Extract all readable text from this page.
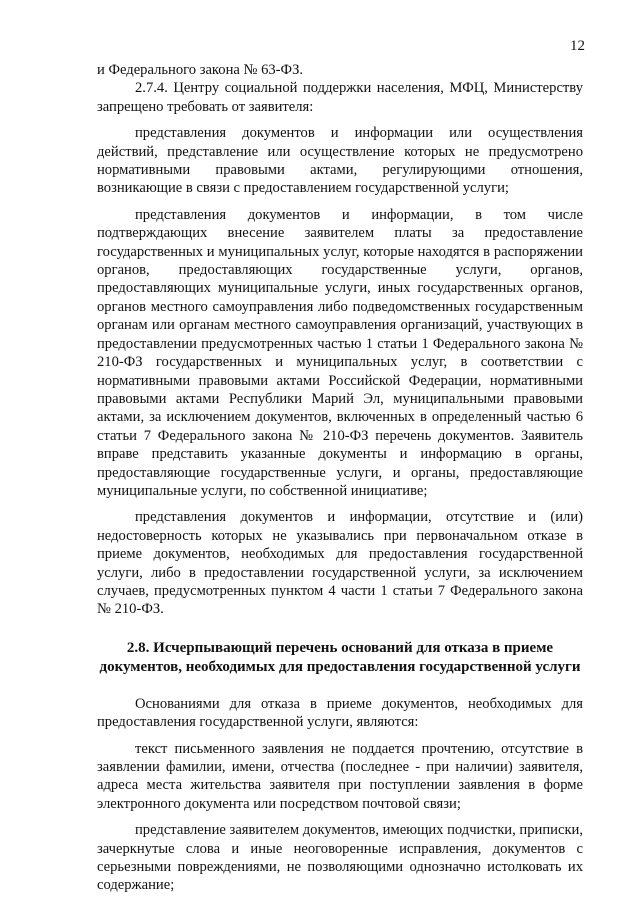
12

и Федерального закона № 63-ФЗ.

2.7.4. Центру социальной поддержки населения, МФЦ, Министерству запрещено требовать от заявителя:

представления документов и информации или осуществления действий, представление или осуществление которых не предусмотрено нормативными правовыми актами, регулирующими отношения, возникающие в связи с предоставлением государственной услуги;

представления документов и информации, в том числе подтверждающих внесение заявителем платы за предоставление государственных и муниципальных услуг, которые находятся в распоряжении органов, предоставляющих государственные услуги, органов, предоставляющих муниципальные услуги, иных государственных органов, органов местного самоуправления либо подведомственных государственным органам или органам местного самоуправления организаций, участвующих в предоставлении предусмотренных частью 1 статьи 1 Федерального закона № 210-ФЗ государственных и муниципальных услуг, в соответствии с нормативными правовыми актами Российской Федерации, нормативными правовыми актами Республики Марий Эл, муниципальными правовыми актами, за исключением документов, включенных в определенный частью 6 статьи 7 Федерального закона № 210-ФЗ перечень документов. Заявитель вправе представить указанные документы и информацию в органы, предоставляющие государственные услуги, и органы, предоставляющие муниципальные услуги, по собственной инициативе;

представления документов и информации, отсутствие и (или) недостоверность которых не указывались при первоначальном отказе в приеме документов, необходимых для предоставления государственной услуги, либо в предоставлении государственной услуги, за исключением случаев, предусмотренных пунктом 4 части 1 статьи 7 Федерального закона № 210-ФЗ.

2.8. Исчерпывающий перечень оснований для отказа в приеме

документов, необходимых для предоставления государственной услуги

Основаниями для отказа в приеме документов, необходимых для предоставления государственной услуги, являются:

текст письменного заявления не поддается прочтению, отсутствие в заявлении фамилии, имени, отчества (последнее - при наличии) заявителя, адреса места жительства заявителя при поступлении заявления в форме электронного документа или посредством почтовой связи;

представление заявителем документов, имеющих подчистки, приписки, зачеркнутые слова и иные неоговоренные исправления, документов с серьезными повреждениями, не позволяющими однозначно истолковать их содержание;
